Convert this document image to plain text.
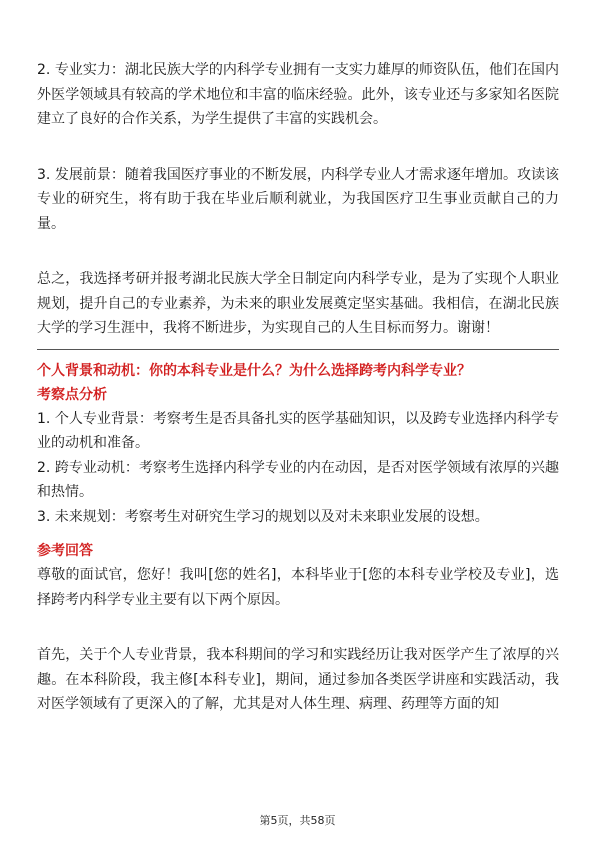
2. 专业实力：湖北民族大学的内科学专业拥有一支实力雄厚的师资队伍，他们在国内外医学领域具有较高的学术地位和丰富的临床经验。此外，该专业还与多家知名医院建立了良好的合作关系，为学生提供了丰富的实践机会。

3. 发展前景：随着我国医疗事业的不断发展，内科学专业人才需求逐年增加。攻读该专业的研究生，将有助于我在毕业后顺利就业，为我国医疗卫生事业贡献自己的力量。

总之，我选择考研并报考湖北民族大学全日制定向内科学专业，是为了实现个人职业规划，提升自己的专业素养，为未来的职业发展奠定坚实基础。我相信，在湖北民族大学的学习生涯中，我将不断进步，为实现自己的人生目标而努力。谢谢！

个人背景和动机：你的本科专业是什么？为什么选择跨考内科学专业？

考察点分析

1. 个人专业背景：考察考生是否具备扎实的医学基础知识，以及跨专业选择内科学专业的动机和准备。

2. 跨专业动机：考察考生选择内科学专业的内在动因，是否对医学领域有浓厚的兴趣和热情。

3. 未来规划：考察考生对研究生学习的规划以及对未来职业发展的设想。

参考回答

尊敬的面试官，您好！我叫[您的姓名]，本科毕业于[您的本科专业学校及专业]，选择跨考内科学专业主要有以下两个原因。

首先，关于个人专业背景，我本科期间的学习和实践经历让我对医学产生了浓厚的兴趣。在本科阶段，我主修[本科专业]，期间，通过参加各类医学讲座和实践活动，我对医学领域有了更深入的了解，尤其是对人体生理、病理、药理等方面的知

第5页，共58页
